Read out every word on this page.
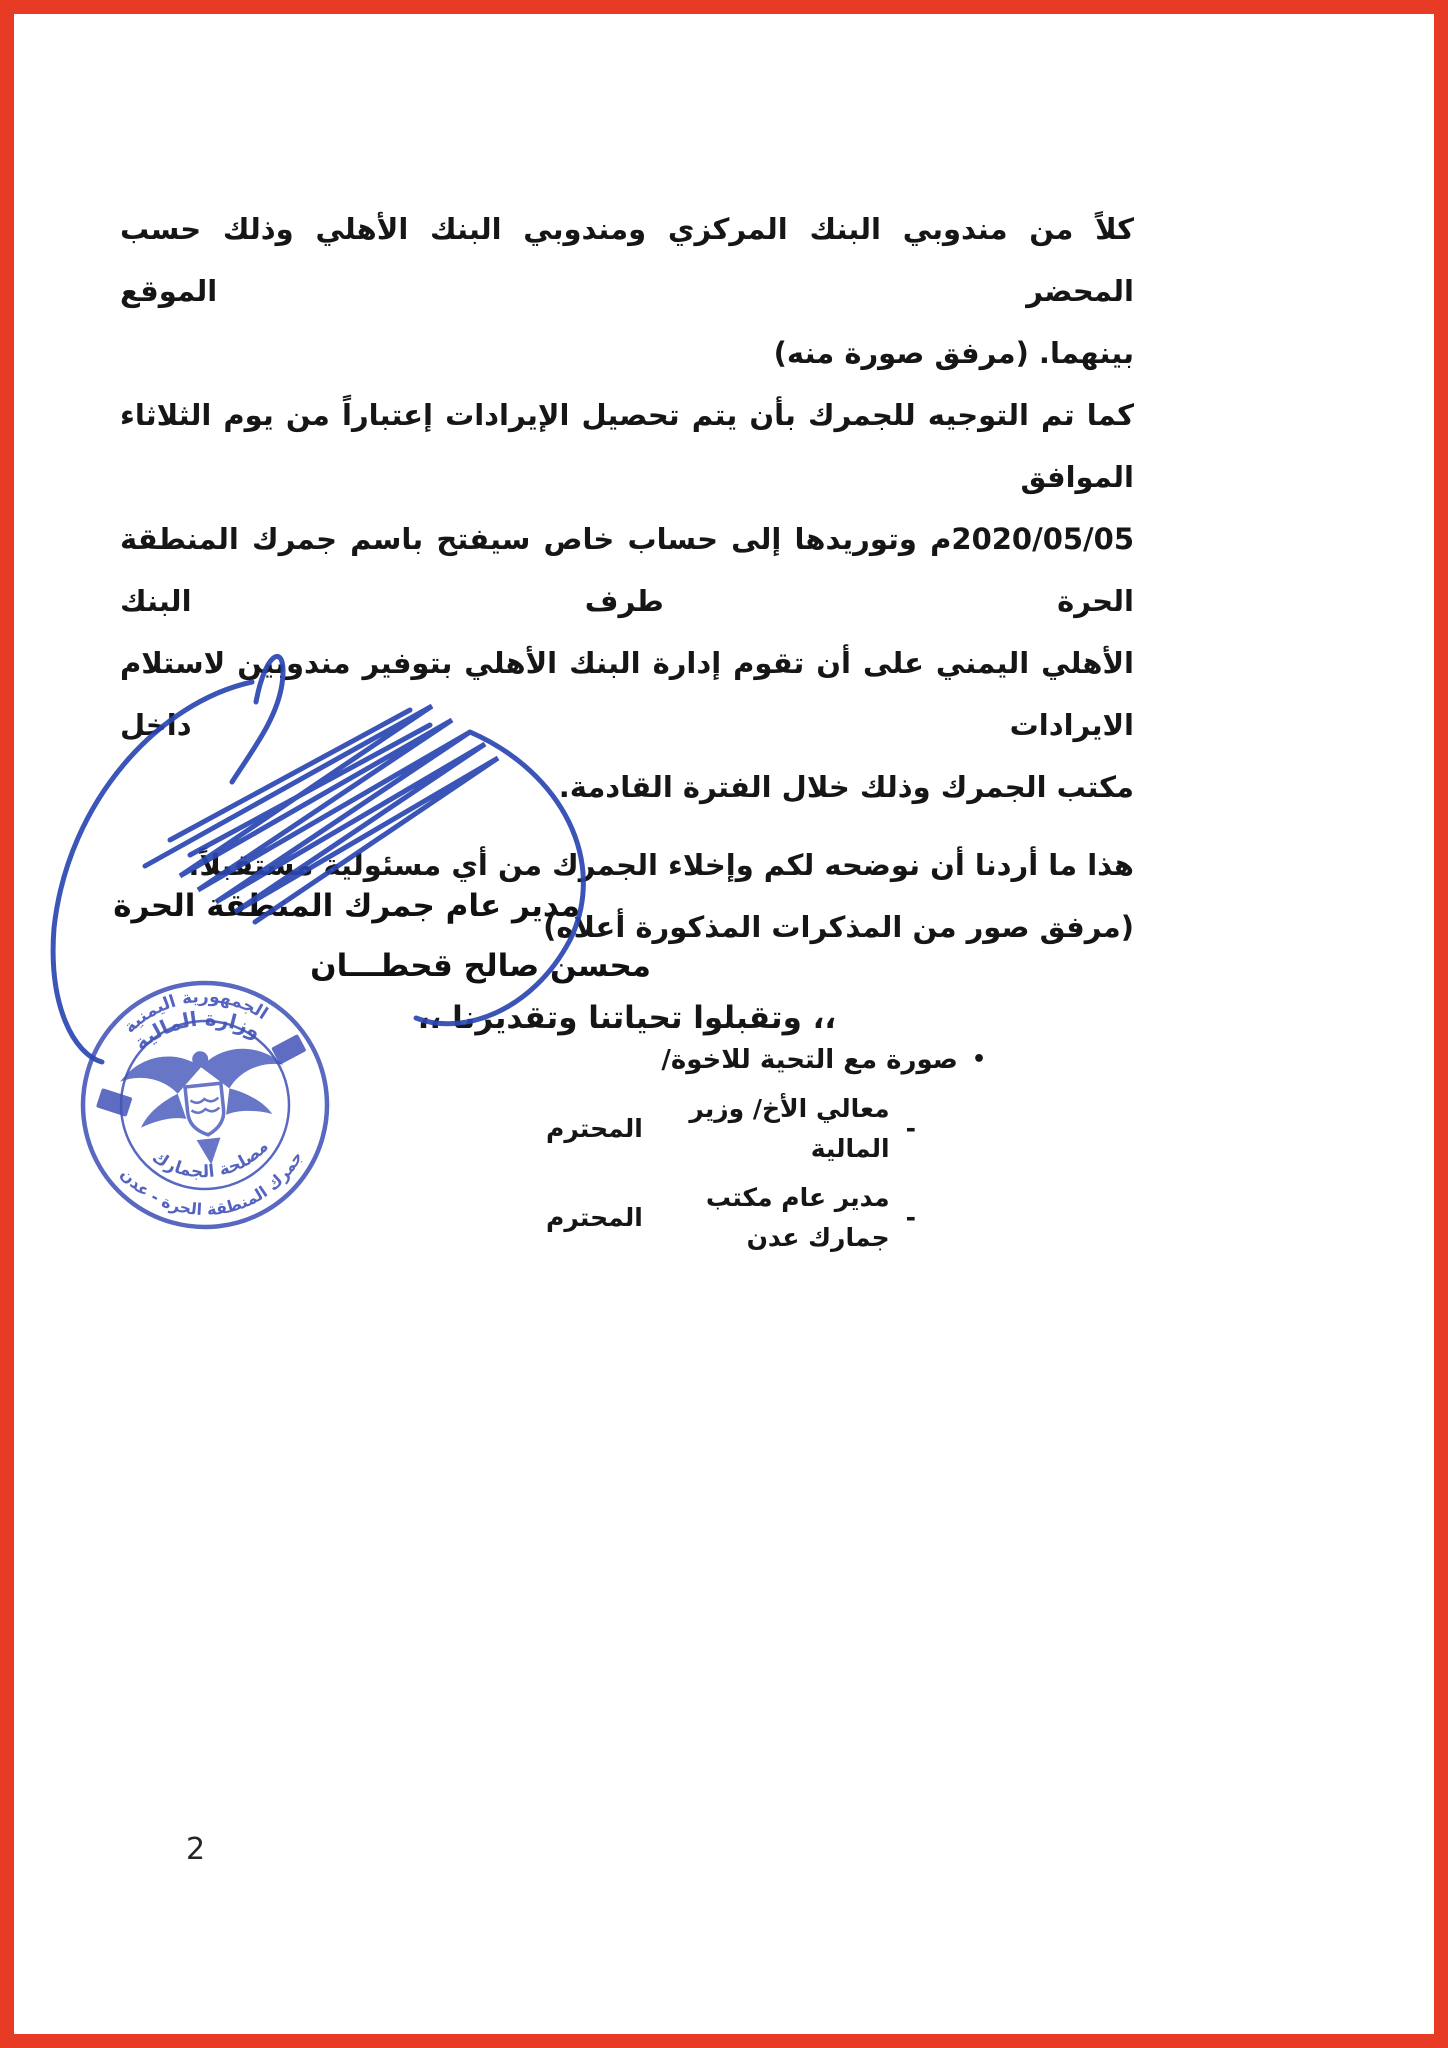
كلاً من مندوبي البنك المركزي ومندوبي البنك الأهلي وذلك حسب المحضر الموقع
بينهما. (مرفق صورة منه)
كما تم التوجيه للجمرك بأن يتم تحصيل الإيرادات إعتباراً من يوم الثلاثاء الموافق
2020/05/05م وتوريدها إلى حساب خاص سيفتح باسم جمرك المنطقة الحرة طرف البنك
الأهلي اليمني على أن تقوم إدارة البنك الأهلي بتوفير مندوبين لاستلام الايرادات داخل
مكتب الجمرك وذلك خلال الفترة القادمة.
هذا ما أردنا أن نوضحه لكم وإخلاء الجمرك من أي مسئولية مستقبلاً.
(مرفق صور من المذكرات المذكورة أعلاه)
،، وتقبلوا تحياتنا وتقديرنا ،،
مدير عام جمرك المنطقة الحرة
محسن صالح قحطـــان
الجمهورية اليمنية
جمرك المنطقة الحرة - عدن
وزارة المالية
مصلحة الجمارك
•
صورة مع التحية للاخوة/
-
معالي الأخ/ وزير المالية
المحترم
-
مدير عام مكتب جمارك عدن
المحترم
2
